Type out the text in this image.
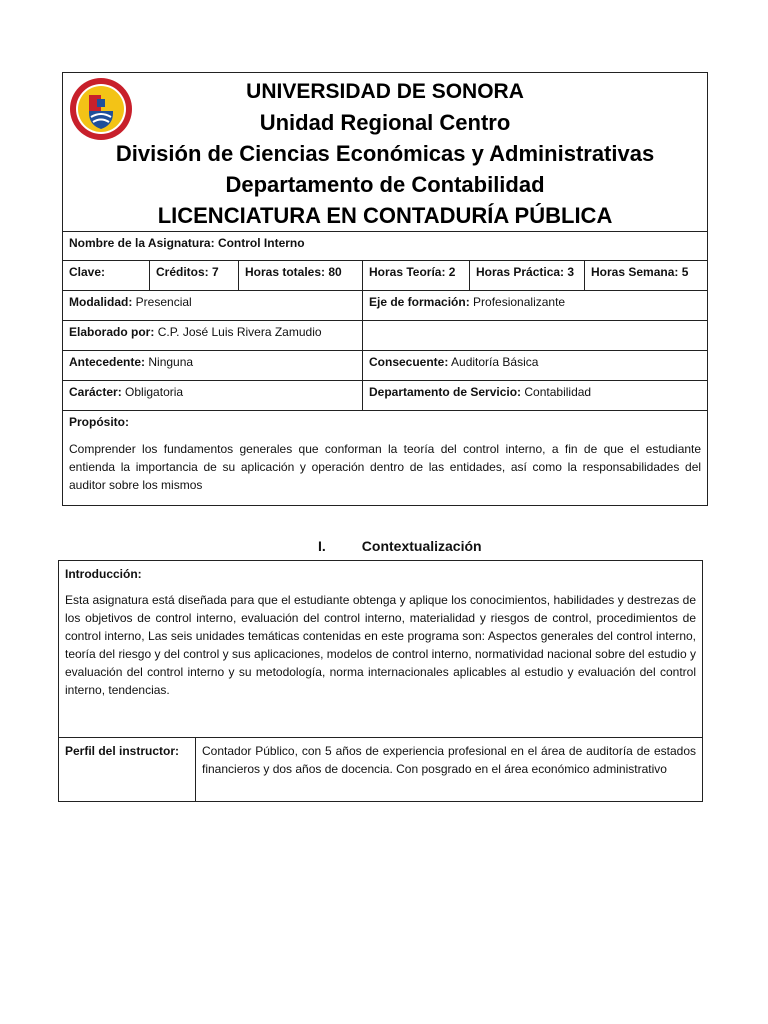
UNIVERSIDAD DE SONORA
Unidad Regional Centro
División de Ciencias Económicas y Administrativas
Departamento de Contabilidad
LICENCIATURA EN CONTADURÍA PÚBLICA					

Nombre de la Asignatura: Control Interno					
Clave:	Créditos: 7	Horas totales: 80	Horas Teoría: 2	Horas Práctica: 3	Horas Semana: 5
Modalidad: Presencial			Eje de formación: Profesionalizante		
Elaborado por: C.P. José Luis Rivera Zamudio					
Antecedente: Ninguna			Consecuente: Auditoría Básica		
Carácter: Obligatoria			Departamento de Servicio: Contabilidad		

Propósito:
Comprender los fundamentos generales que conforman la teoría del control interno, a fin de que el estudiante entienda la importancia de su aplicación y operación dentro de las entidades, así como la responsabilidades del auditor sobre los mismos					
I.	Contextualización
Introducción:
Esta asignatura está diseñada para que el estudiante obtenga y aplique los conocimientos, habilidades y destrezas de los objetivos de control interno, evaluación del control interno, materialidad y riesgos de control, procedimientos de control interno, Las seis unidades temáticas contenidas en este programa son: Aspectos generales del control interno, teoría del riesgo y del control y sus aplicaciones, modelos de control interno, normatividad nacional sobre del estudio y evaluación del control interno y su metodología, norma internacionales aplicables al estudio y evaluación del control interno, tendencias.

Perfil del instructor:	Contador Público, con 5 años de experiencia profesional en el área de auditoría de estados financieros y dos años de docencia. Con posgrado en el área económico administrativo
